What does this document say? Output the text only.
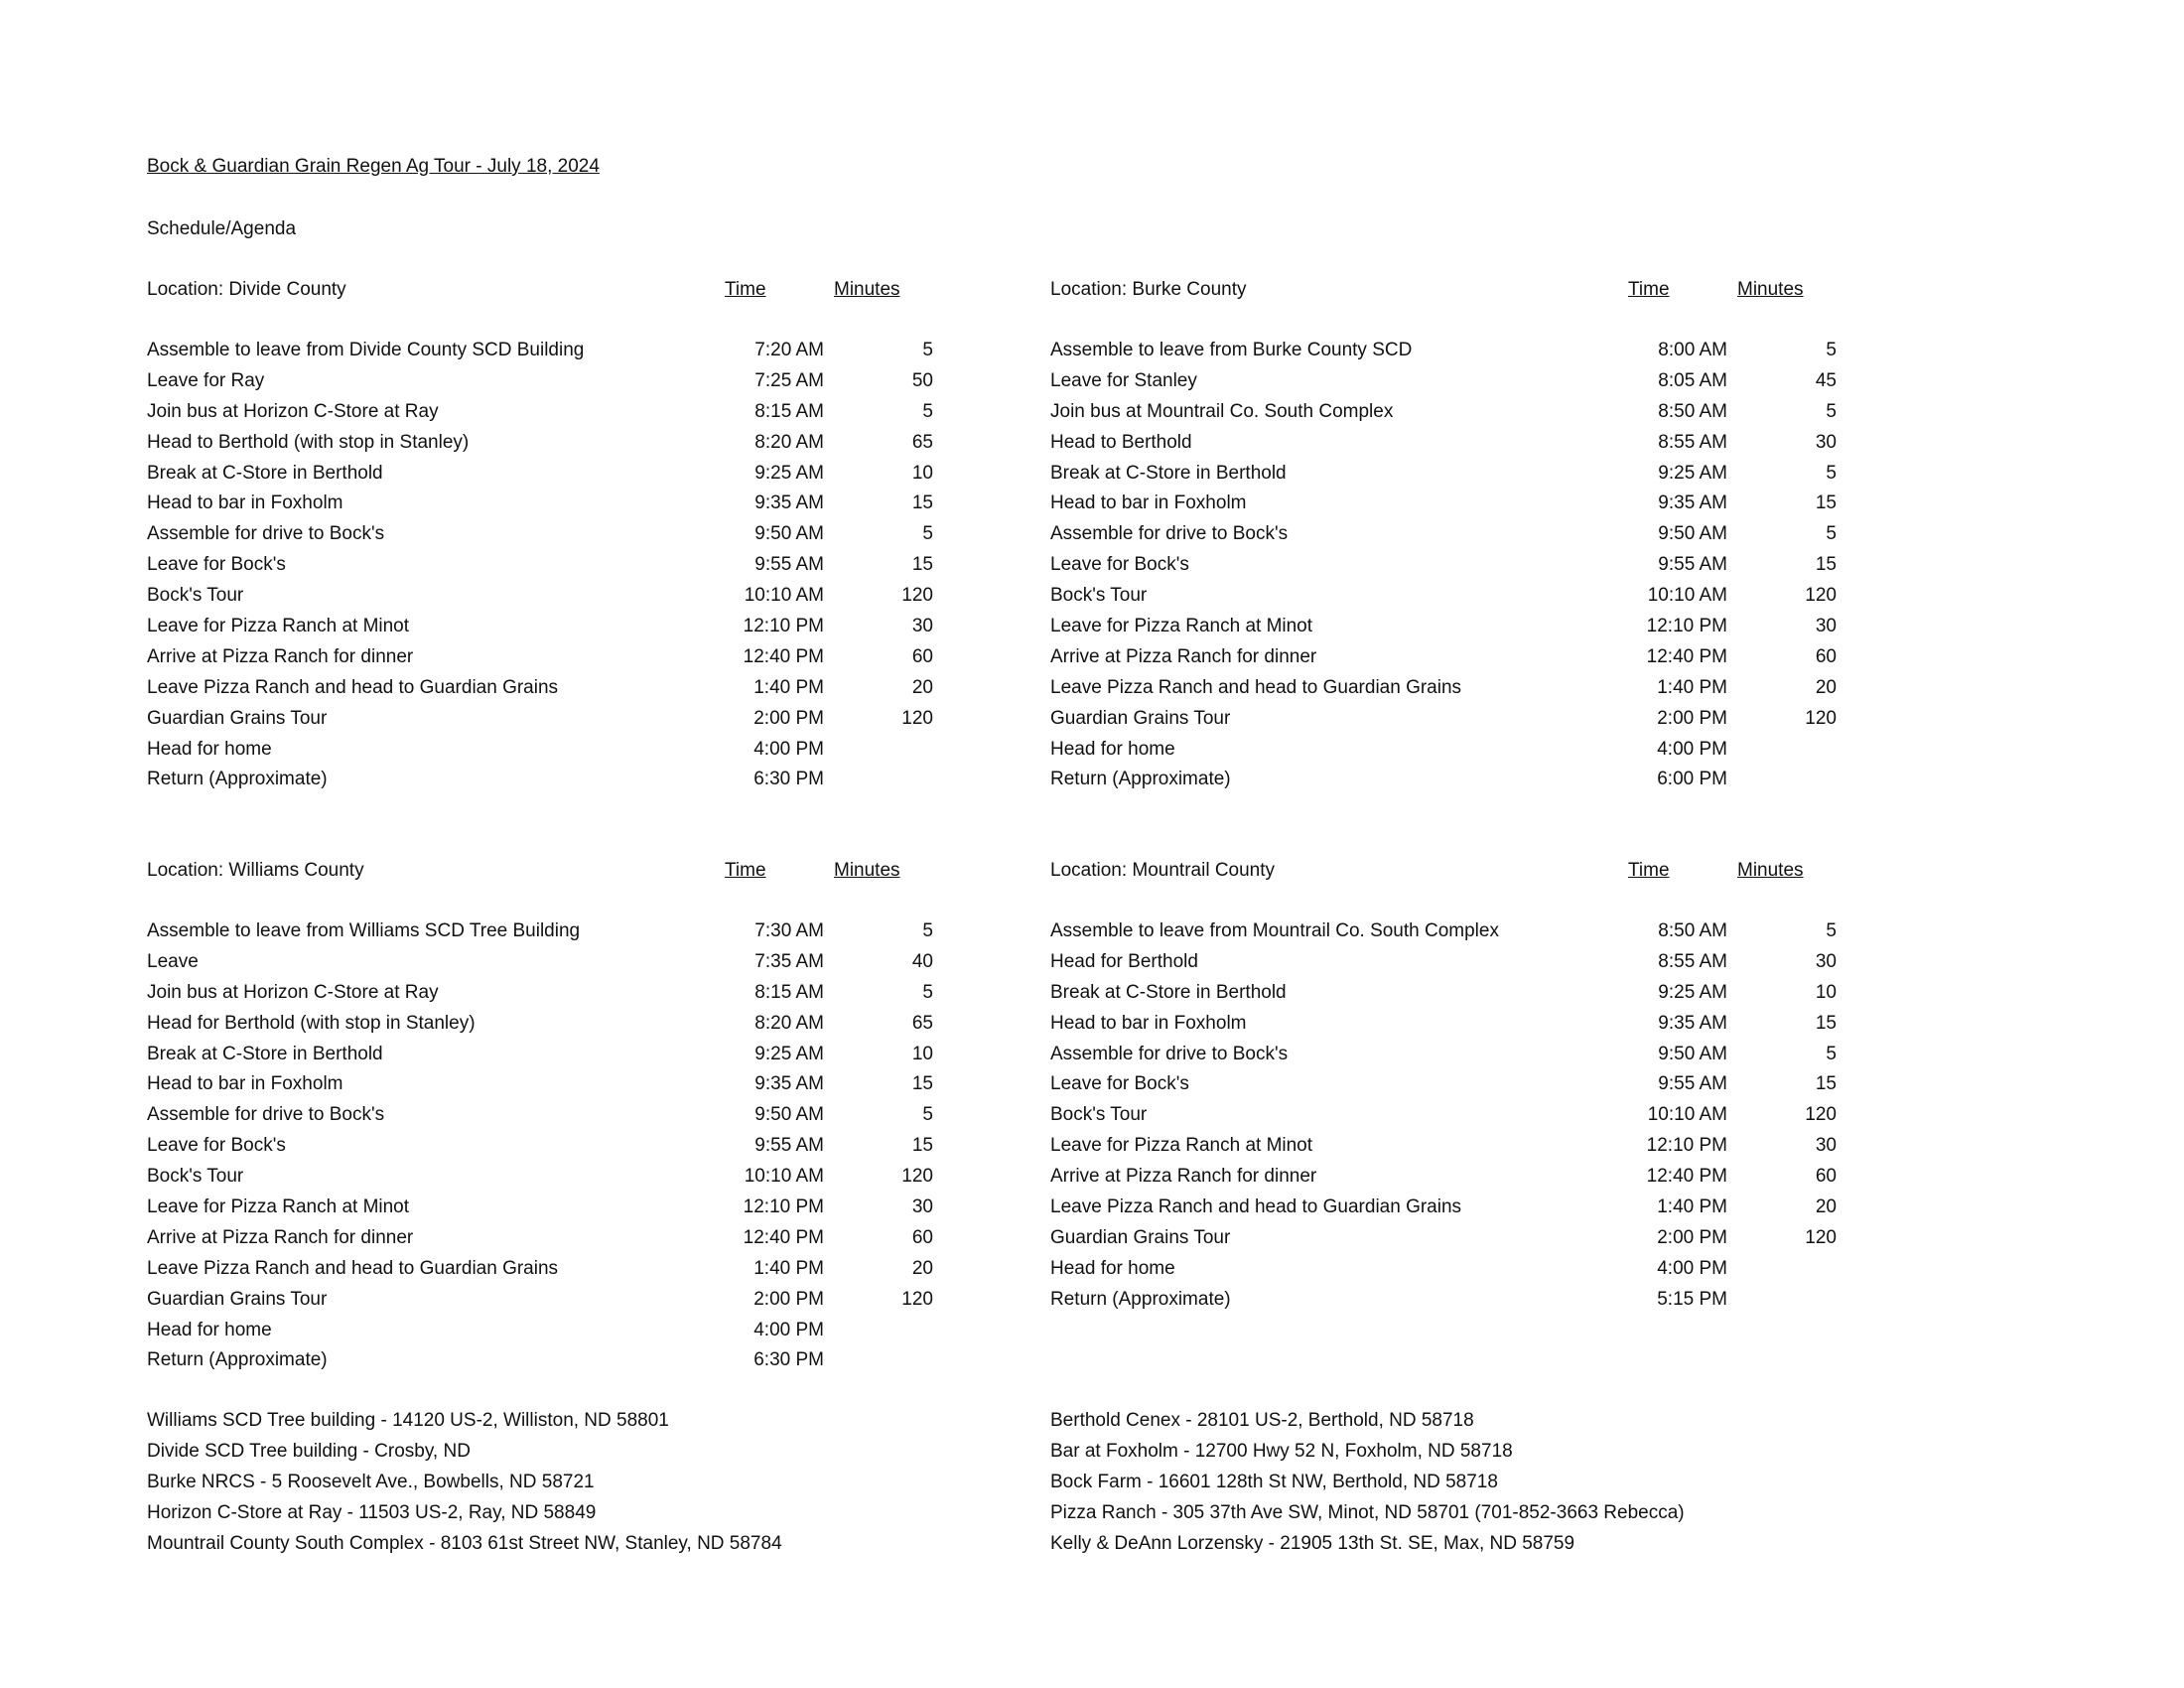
Bock & Guardian Grain Regen Ag Tour - July 18, 2024
Schedule/Agenda
Location: Divide County	Time	Minutes
Assemble to leave from Divide County SCD Building	7:20 AM	5
Leave for Ray	7:25 AM	50
Join bus at Horizon C-Store at Ray	8:15 AM	5
Head to Berthold (with stop in Stanley)	8:20 AM	65
Break at C-Store in Berthold	9:25 AM	10
Head to bar in Foxholm	9:35 AM	15
Assemble for drive to Bock's	9:50 AM	5
Leave for Bock's	9:55 AM	15
Bock's Tour	10:10 AM	120
Leave for Pizza Ranch at Minot	12:10 PM	30
Arrive at Pizza Ranch for dinner	12:40 PM	60
Leave Pizza Ranch and head to Guardian Grains	1:40 PM	20
Guardian Grains Tour	2:00 PM	120
Head for home	4:00 PM
Return (Approximate)	6:30 PM
Location: Burke County	Time	Minutes
Assemble to leave from Burke County SCD	8:00 AM	5
Leave for Stanley	8:05 AM	45
Join bus at Mountrail Co. South Complex	8:50 AM	5
Head to Berthold	8:55 AM	30
Break at C-Store in Berthold	9:25 AM	5
Head to bar in Foxholm	9:35 AM	15
Assemble for drive to Bock's	9:50 AM	5
Leave for Bock's	9:55 AM	15
Bock's Tour	10:10 AM	120
Leave for Pizza Ranch at Minot	12:10 PM	30
Arrive at Pizza Ranch for dinner	12:40 PM	60
Leave Pizza Ranch and head to Guardian Grains	1:40 PM	20
Guardian Grains Tour	2:00 PM	120
Head for home	4:00 PM
Return (Approximate)	6:00 PM
Location: Williams County	Time	Minutes
Assemble to leave from Williams SCD Tree Building	7:30 AM	5
Leave	7:35 AM	40
Join bus at Horizon C-Store at Ray	8:15 AM	5
Head for Berthold (with stop in Stanley)	8:20 AM	65
Break at C-Store in Berthold	9:25 AM	10
Head to bar in Foxholm	9:35 AM	15
Assemble for drive to Bock's	9:50 AM	5
Leave for Bock's	9:55 AM	15
Bock's Tour	10:10 AM	120
Leave for Pizza Ranch at Minot	12:10 PM	30
Arrive at Pizza Ranch for dinner	12:40 PM	60
Leave Pizza Ranch and head to Guardian Grains	1:40 PM	20
Guardian Grains Tour	2:00 PM	120
Head for home	4:00 PM
Return (Approximate)	6:30 PM
Location: Mountrail County	Time	Minutes
Assemble to leave from Mountrail Co. South Complex	8:50 AM	5
Head for Berthold	8:55 AM	30
Break at C-Store in Berthold	9:25 AM	10
Head to bar in Foxholm	9:35 AM	15
Assemble for drive to Bock's	9:50 AM	5
Leave for Bock's	9:55 AM	15
Bock's Tour	10:10 AM	120
Leave for Pizza Ranch at Minot	12:10 PM	30
Arrive at Pizza Ranch for dinner	12:40 PM	60
Leave Pizza Ranch and head to Guardian Grains	1:40 PM	20
Guardian Grains Tour	2:00 PM	120
Head for home	4:00 PM
Return (Approximate)	5:15 PM
Williams SCD Tree building - 14120 US-2, Williston, ND 58801
Divide SCD Tree building - Crosby, ND
Burke NRCS - 5 Roosevelt Ave., Bowbells, ND 58721
Horizon C-Store at Ray - 11503 US-2, Ray, ND 58849
Mountrail County South Complex - 8103 61st Street NW, Stanley, ND 58784
Berthold Cenex - 28101 US-2, Berthold, ND 58718
Bar at Foxholm - 12700 Hwy 52 N, Foxholm, ND 58718
Bock Farm - 16601 128th St NW, Berthold, ND 58718
Pizza Ranch - 305 37th Ave SW, Minot, ND 58701 (701-852-3663 Rebecca)
Kelly & DeAnn Lorzensky - 21905 13th St. SE, Max, ND 58759
